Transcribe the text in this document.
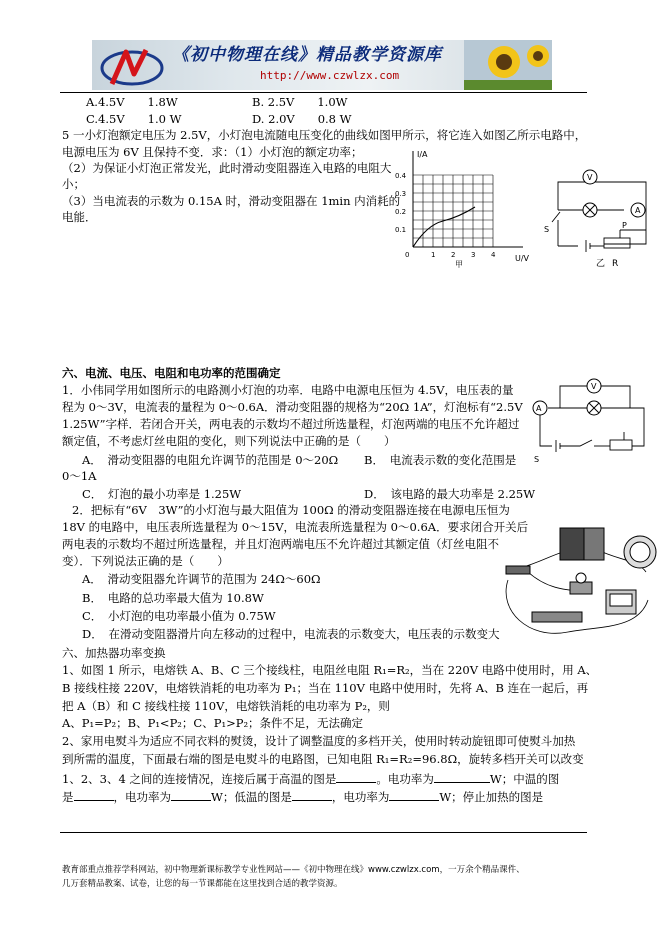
《初中物理在线》精品教学资源库
http://www.czwlzx.com
A.4.5V　　1.8W	B. 2.5V　　1.0W
C.4.5V　　1.0 W	D. 2.0V　　0.8 W
5 一小灯泡额定电压为 2.5V，小灯泡电流随电压变化的曲线如图甲所示，将它连入如图乙所示电路中，
电源电压为 6V 且保持不变．求：（1）小灯泡的额定功率；
（2）为保证小灯泡正常发光，此时滑动变阻器连入电路的电阻大
小；
（3）当电流表的示数为 0.15A 时，滑动变阻器在 1min 内消耗的
电能．
I/A
U/V
0.4
0.3
0.2
0.1
0	1 2 3 4
甲
V
A
S	P
乙 R
六、电流、电压、电阻和电功率的范围确定
1．小伟同学用如图所示的电路测小灯泡的功率．电路中电源电压恒为 4.5V，电压表的量
程为 0～3V，电流表的量程为 0～0.6A．滑动变阻器的规格为“20Ω 1A”，灯泡标有“2.5V
1.25W”字样．若闭合开关，两电表的示数均不超过所选量程，灯泡两端的电压不允许超过
额定值，不考虑灯丝电阻的变化，则下列说法中正确的是（　　）
A．　滑动变阻器的电阻允许调节的范围是 0～20Ω B．　电流表示数的变化范围是
0～1A
C．　灯泡的最小功率是 1.25W	D．　该电路的最大功率是 2.25W
A
V
S
2．把标有“6V　3W”的小灯泡与最大阻值为 100Ω 的滑动变阻器连接在电源电压恒为
18V 的电路中，电压表所选量程为 0～15V，电流表所选量程为 0～0.6A．要求闭合开关后
两电表的示数均不超过所选量程，并且灯泡两端电压不允许超过其额定值（灯丝电阻不
变）．下列说法正确的是（　　）
A．　滑动变阻器允许调节的范围为 24Ω～60Ω
B．　电路的总功率最大值为 10.8W
C．　小灯泡的电功率最小值为 0.75W
D．　在滑动变阻器滑片向左移动的过程中，电流表的示数变大，电压表的示数变大
六、加热器功率变换
1、如图 1 所示，电熔铁 A、B、C 三个接线柱，电阻丝电阻 R₁=R₂，当在 220V 电路中使用时，用 A、
B 接线柱接 220V，电熔铁消耗的电功率为 P₁；当在 110V 电路中使用时，先将 A、B 连在一起后，再
把 A（B）和 C 接线柱接 110V，电熔铁消耗的电功率为 P₂，则
A、P₁=P₂；B、P₁<P₂；C、P₁>P₂；条件不足，无法确定
2、家用电熨斗为适应不同衣料的熨烫，设计了调整温度的多档开关，使用时转动旋钮即可使熨斗加热
到所需的温度，下面最右端的图是电熨斗的电路图，已知电阻 R₁=R₂=96.8Ω，旋转多档开关可以改变
1、2、3、4 之间的连接情况，连接后属于高温的图是	。电功率为	W；中温的图
是	，电功率为	W；低温的图是	，电功率为	W；停止加热的图是
教育部重点推荐学科网站，初中物理新课标教学专业性网站——《初中物理在线》www.czwlzx.com，一万余个精品课件、
几万套精品教案、试卷，让您的每一节课都能在这里找到合适的教学资源。
